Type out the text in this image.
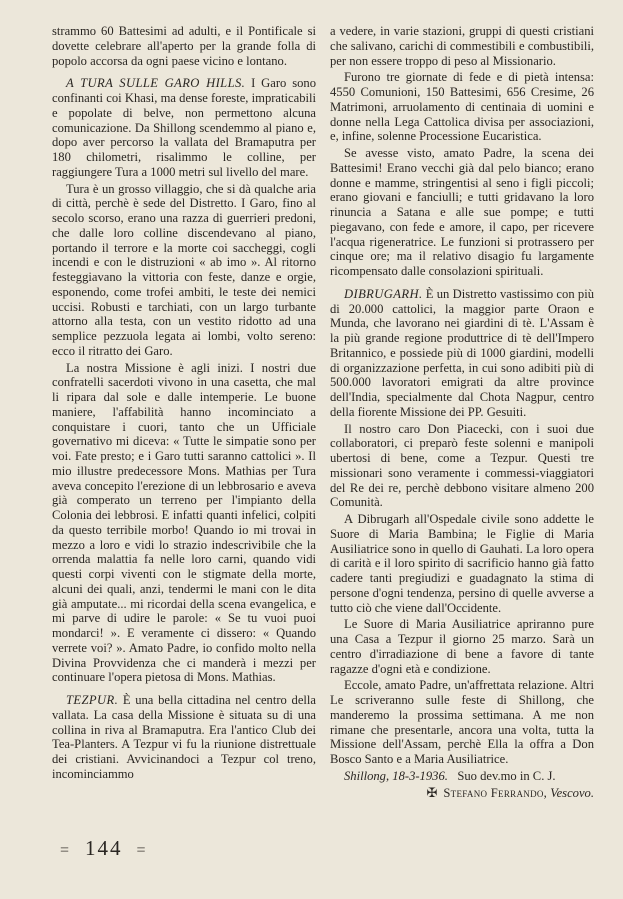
strammo 60 Battesimi ad adulti, e il Pontificale si dovette celebrare all'aperto per la grande folla di popolo accorsa da ogni paese vicino e lontano.

A TURA SULLE GARO HILLS. I Garo sono confinanti coi Khasi, ma dense foreste, impraticabili e popolate di belve, non permettono alcuna comunicazione. Da Shillong scendemmo al piano e, dopo aver percorso la vallata del Bramaputra per 180 chilometri, risalimmo le colline, per raggiungere Tura a 1000 metri sul livello del mare.

Tura è un grosso villaggio, che si dà qualche aria di città, perchè è sede del Distretto. I Garo, fino al secolo scorso, erano una razza di guerrieri predoni, che dalle loro colline discendevano al piano, portando il terrore e la morte coi saccheggi, cogli incendi e con le distruzioni « ab imo ». Al ritorno festeggiavano la vittoria con feste, danze e orgie, esponendo, come trofei ambiti, le teste dei nemici uccisi. Robusti e tarchiati, con un largo turbante attorno alla testa, con un vestito ridotto ad una semplice pezzuola legata ai lombi, volto sereno: ecco il ritratto dei Garo.

La nostra Missione è agli inizi. I nostri due confratelli sacerdoti vivono in una casetta, che mal li ripara dal sole e dalle intemperie. Le buone maniere, l'affabilità hanno incominciato a conquistare i cuori, tanto che un Ufficiale governativo mi diceva: « Tutte le simpatie sono per voi. Fate presto; e i Garo tutti saranno cattolici ». Il mio illustre predecessore Mons. Mathias per Tura aveva concepito l'erezione di un lebbrosario e aveva già comperato un terreno per l'impianto della Colonia dei lebbrosi. E infatti quanti infelici, colpiti da questo terribile morbo! Quando io mi trovai in mezzo a loro e vidi lo strazio indescrivibile che la orrenda malattia fa nelle loro carni, quando vidi questi corpi viventi con le stigmate della morte, alcuni dei quali, anzi, tendermi le mani con le dita già amputate... mi ricordai della scena evangelica, e mi parve di udire le parole: « Se tu vuoi puoi mondarci! ». E veramente ci dissero: « Quando verrete voi? ». Amato Padre, io confido molto nella Divina Provvidenza che ci manderà i mezzi per continuare l'opera pietosa di Mons. Mathias.

TEZPUR. È una bella cittadina nel centro della vallata. La casa della Missione è situata su di una collina in riva al Bramaputra. Era l'antico Club dei Tea-Planters. A Tezpur vi fu la riunione distrettuale dei cristiani. Avvicinandoci a Tezpur col treno, incominciammo

a vedere, in varie stazioni, gruppi di questi cristiani che salivano, carichi di commestibili e combustibili, per non essere troppo di peso al Missionario.

Furono tre giornate di fede e di pietà intensa: 4550 Comunioni, 150 Battesimi, 656 Cresime, 26 Matrimoni, arruolamento di centinaia di uomini e donne nella Lega Cattolica divisa per associazioni, e, infine, solenne Processione Eucaristica.

Se avesse visto, amato Padre, la scena dei Battesimi! Erano vecchi già dal pelo bianco; erano donne e mamme, stringentisi al seno i figli piccoli; erano giovani e fanciulli; e tutti gridavano la loro rinuncia a Satana e alle sue pompe; e tutti piegavano, con fede e amore, il capo, per ricevere l'acqua rigeneratrice. Le funzioni si protrassero per cinque ore; ma il relativo disagio fu largamente ricompensato dalle consolazioni spirituali.

DIBRUGARH. È un Distretto vastissimo con più di 20.000 cattolici, la maggior parte Oraon e Munda, che lavorano nei giardini di tè. L'Assam è la più grande regione produttrice di tè dell'Impero Britannico, e possiede più di 1000 giardini, modelli di organizzazione perfetta, in cui sono adibiti più di 500.000 lavoratori emigrati da altre province dell'India, specialmente dal Chota Nagpur, centro della fiorente Missione dei PP. Gesuiti.

Il nostro caro Don Piacecki, con i suoi due collaboratori, ci preparò feste solenni e manipoli ubertosi di bene, come a Tezpur. Questi tre missionari sono veramente i commessi-viaggiatori del Re dei re, perchè debbono visitare almeno 200 Comunità.

A Dibrugarh all'Ospedale civile sono addette le Suore di Maria Bambina; le Figlie di Maria Ausiliatrice sono in quello di Gauhati. La loro opera di carità e il loro spirito di sacrificio hanno già fatto cadere tanti pregiudizi e guadagnato la stima di persone d'ogni tendenza, persino di quelle avverse a tutto ciò che viene dall'Occidente.

Le Suore di Maria Ausiliatrice apriranno pure una Casa a Tezpur il giorno 25 marzo. Sarà un centro d'irradiazione di bene a favore di tante ragazze d'ogni età e condizione.

Eccole, amato Padre, un'affrettata relazione. Altri Le scriveranno sulle feste di Shillong, che manderemo la prossima settimana. A me non rimane che presentarle, ancora una volta, tutta la Missione dell'Assam, perchè Ella la offra a Don Bosco Santo e a Maria Ausiliatrice.

Shillong, 18-3-1936. Suo dev.mo in C. J.

✠ Stefano Ferrando, Vescovo.
= 144 =
